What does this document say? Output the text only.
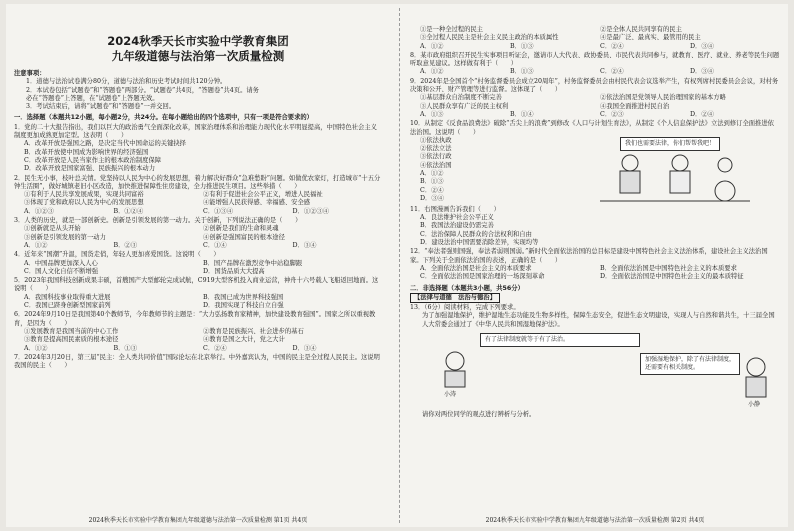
2024秋季天长市实验中学教育集团
九年级道德与法治第一次质量检测
注意事项：
1．道德与法治试卷满分80分，道德与法治和历史考试时间共120分钟。
2．本试卷包括“试题卷”和“答题卷”两部分。“试题卷”共4页，“答题卷”共4页。请务
必在“答题卷”上答题，在“试题卷”上答题无效。
3．考试结束后，请将“试题卷”和“答题卷”一并交回。
一．选择题（本题共12小题，每小题2分，共24分。在每小题给出的四个选项中，只有一项是符合要求的）
1．党的二十大报告指出，我们以巨大的政治勇气全面深化改革，国家治理体系和治理能力现代化水平明显提高，中国特色社会主义制度更加成熟更加定型。这表明（　　）
A．改革开放是强国之路，是决定当代中国命运的关键抉择
B．改革开放使中国成为影响世界的经济强国
C．改革开放是人民当家作主的根本政治制度保障
D．改革开放是国家富强、民族振兴的根本动力
2．民生无小事，枝叶总关情。党坚持以人民为中心的发展思想，着力解决好群众“急难愁盼”问题。如做优农家灯，打造城市“十五分钟生活圈”，做好城镇老旧小区改造，加快推进保障性住房建设，全力推进民生项目。这些举措（　　）
①有利于人民共享发展成果，实现共同富裕	②有利于促进社会公平正义，增进人民福祉
③体现了党和政府以人民为中心的发展思想	④能增强人民获得感、幸福感、安全感
A．①②③	B．①②④	C．①③④	D．①②③④
3．人类的历史，就是一部创新史。创新是引领发展的第一动力。关于创新，下列说法正确的是（　　）
①创新就是从头开始	②创新是我们的生命和灵魂
③创新是引领发展的第一动力	④创新是强国富民的根本途径
A．①②	B．②③	C．①④	D．③④
4．近年来“国潮”升温，国货走俏，年轻人更加喜爱国货。这说明（　　）
A．中国品牌更加深入人心	B．国产品牌在激烈竞争中站稳脚跟
C．国人文化自信不断增强	D．国货品质大大提高
5．2023年我国科技创新成果丰硕，首艘国产大型邮轮完成试航，C919大型客机投入商业运营，神舟十六号载人飞船返回地面。这说明（　　）
A．我国科技事业取得重大进展	B．我国已成为世界科技强国
C．我国已跻身创新型国家前列	D．我国实现了科技自立自强
6．2024年9月10日是我国第40个教师节，今年教师节的主题是：“大力弘扬教育家精神，加快建设教育强国”。国家之所以重视教育，是因为（　　）
①发展教育是我国当前的中心工作	②教育是民族振兴、社会进步的基石
③教育是提高国民素质的根本途径	④教育是国之大计，党之大计
A．①②	B．①③	C．②④	D．③④
7．2024年3月20日，第三届“民主：全人类共同价值”国际论坛在北京举行。中外嘉宾认为，中国的民主是全过程人民民主。这说明我国的民主（　　）
2024秋季天长市实验中学教育集团九年级道德与法治第一次质量检测 第1页 共4页
①是一种全过程的民主	②是全体人民共同享有的民主
③全过程人民民主是社会主义民主政治的本质属性	④是最广泛、最真实、最管用的民主
A．①②	B．①③	C．②④	D．③④
8．某市政府组织召开民生实事项目听证会，邀请市人大代表、政协委员、市民代表共同参与，就教育、医疗、就业、养老等民生问题听取意见建议。这样做有利于（　　）
A．①②	B．①③	C．②④	D．③④
9．2024年是全国首个“村务监督委员会成立20周年”，村务监督委员会由村民代表会议选举产生，有权列席村民委员会会议，对村务决策和公开、财产管理等进行监督。这体现了（　　）
①基层群众自治制度不断完善	②依法治国是党领导人民治理国家的基本方略
③人民群众享有广泛的民主权利	④我国全面推进村民自治
A．①③	B．①④	C．②③	D．②④
10．从制定《反食品浪费法》破除“舌尖上的浪费”到修改《人口与计划生育法》，从制定《个人信息保护法》立法到修订全面推进依法治国。这说明（　　）
①依法执政
②依法立法
③依法行政
④依法治国
A．①②
B．①③
C．②④
D．③④
我们也需要法律，你们帮帮我吧！
11．右图漫画告诉我们（　　）
A．良法维护社会公平正义
B．我国法治建设仍需完善
C．法治保障人民群众的合法权利和自由
D．建设法治中国需要消除差异，实现均等
12．“奉法者强则国强，奉法者弱则国弱。”新时代全面依法治国的总目标是建设中国特色社会主义法治体系，建设社会主义法治国家。下列关于全面依法治国的表述，正确的是（　　）
A．全面依法治国是社会主义的本质要求	B．全面依法治国是中国特色社会主义的本质要求
C．全面依法治国是国家治理的一场深刻革命	D．全面依法治国是中国特色社会主义的最本质特征
二．非选择题（本题共3小题，共56分）
【法律与道德　法治与德治】
13．（6分）阅读材料，完成下列要求。
为了加强湿地保护，维护湿地生态功能及生物多样性，保障生态安全，促进生态文明建设，实现人与自然和谐共生，十三届全国人大常委会通过了《中华人民共和国湿地保护法》。
有了法律制度就等于有了法治。
加强湿地保护，除了有法律制度，还需要有相关制度。
小涛
小静
请你对两位同学的观点进行辨析与分析。
2024秋季天长市实验中学教育集团九年级道德与法治第一次质量检测 第2页 共4页
